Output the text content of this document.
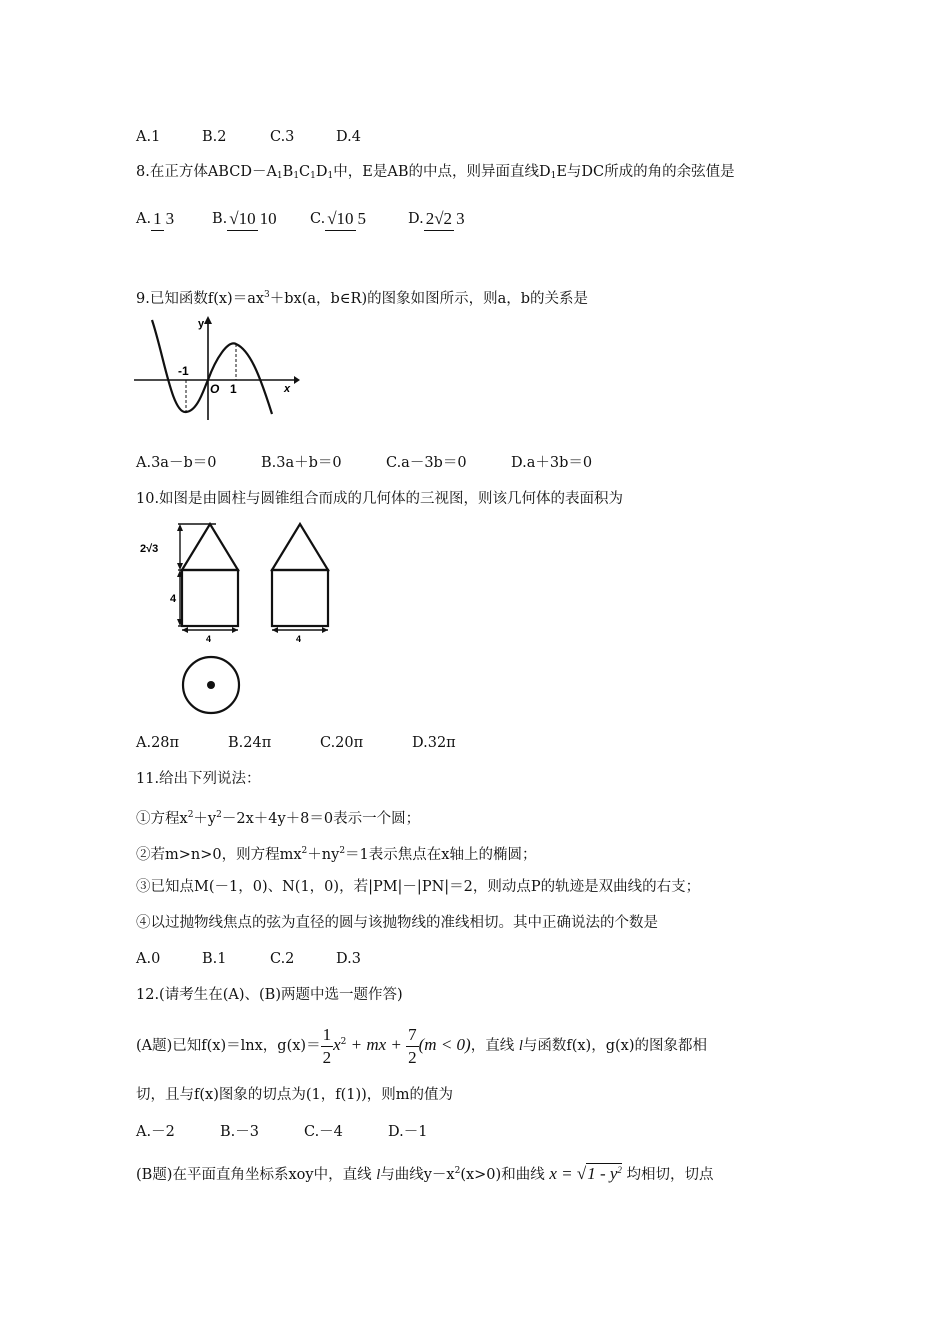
A.1	B.2	C.3	D.4
8.在正方体$ABCD-A_1B_1C_1D_1$中，E是AB的中点，则异面直线$D_1E$与DC所成的角的余弦值是
A. 1 3	B. √10 10 C. √10 5	D. 2√2 3
9.已知函数$f(x)=ax^3+bx(a$，b∈R)的图象如图所示，则a，b的关系是
y
x
-1
O 1
A.3a－b＝0	B.3a＋b＝0	C.a－3b＝0	D.a＋3b＝0
10.如图是由圆柱与圆锥组合而成的几何体的三视图，则该几何体的表面积为
2√3
4
4	4
A.28π	B.24π	C.20π	D.32π
11.给出下列说法：
①方程$x^2+y^2-2x+4y+8=0$表示一个圆；
②若m>n>0，则方程$mx^2+ny^2=1$表示焦点在x轴上的椭圆；
③已知点M(－1，0)、N(1，0)，若|PM|－|PN|＝2，则动点P的轨迹是双曲线的右支；
④以过抛物线焦点的弦为直径的圆与该抛物线的准线相切。其中正确说法的个数是
A.0	B.1	C.2	D.3
12.(请考生在(A)、(B)两题中选一题作答)
(A题)已知f(x)＝lnx，$g(x)= \frac{1}{2} x^2$ + mx + $\frac{7}{2} (m < 0)$，直线 l与函数f(x)，g(x)的图象都相
切，且与f(x)图象的切点为(1，f(1))，则m的值为
A.－2	B.－3	C.－4	D.－1
(B题)在平面直角坐标系xoy中，直线 l与曲线$y-x^2(x>0)$和曲线 $x = √1 - y^2$ 均相切，切点
